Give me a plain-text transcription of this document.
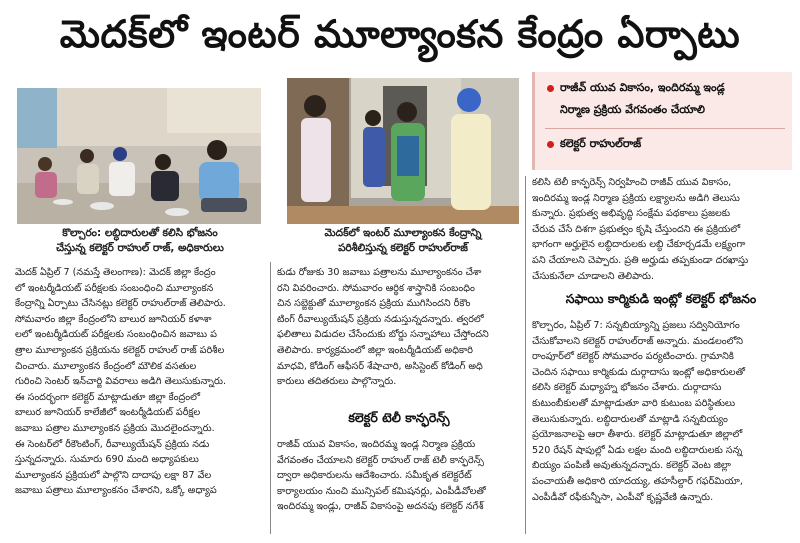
మెదక్‌లో ఇంటర్ మూల్యాంకన కేంద్రం ఏర్పాటు
కొల్చారం: లబ్ధిదారులతో కలిసి భోజనం
చేస్తున్న కలెక్టర్ రాహుల్ రాజ్, అధికారులు
మెదక్‌లో ఇంటర్ మూల్యాంకన కేంద్రాన్ని
పరిశీలిస్తున్న కలెక్టర్ రాహుల్‌రాజ్
రాజీవ్ యువ వికాసం, ఇందిరమ్మ ఇండ్ల
నిర్మాణ ప్రక్రియ వేగవంతం చేయాలి
కలెక్టర్ రాహుల్‌రాజ్

మెదక్ ఏప్రిల్ 7 (నమస్తే తెలంగాణ): మెదక్ జిల్లా కేంద్రం

లో ఇంటర్మీడియట్ పరీక్షలకు సంబంధించి మూల్యాంకన

కేంద్రాన్ని ఏర్పాటు చేసినట్లు కలెక్టర్ రాహుల్‌రాజ్ తెలిపారు.

సోమవారం జిల్లా కేంద్రంలోని బాలుర జూనియర్ కళాశా

లలో ఇంటర్మీడియట్ పరీక్షలకు సంబంధించిన జవాబు ప

త్రాల మూల్యాంకన ప్రక్రియను కలెక్టర్ రాహుల్ రాజ్ పరిశీల

చించారు. మూల్యాంకన కేంద్రంలో మౌలిక వసతుల

గురించి సెంటర్ ఇన్‌చార్జి వివరాలు అడిగి తెలుసుకున్నారు.

ఈ సందర్భంగా కలెక్టర్ మాట్లాడుతూ జిల్లా కేంద్రంలో

బాలుర జూనియర్ కాలేజీలో ఇంటర్మీడియట్ పరీక్షల

జవాబు పత్రాల మూల్యాంకన ప్రక్రియ మొదలైందన్నారు.

ఈ సెంటర్‌లో రీకౌంటింగ్, రీవాల్యుయేషన్ ప్రక్రియ నడు

స్తున్నదన్నారు. సుమారు 690 మంది అధ్యాపకులు

మూల్యాంకన ప్రక్రియలో పాల్గొని దాదాపు లక్షా 87 వేల

జవాబు పత్రాలు మూల్యాంకనం చేశారని, ఒక్కో అధ్యాప

కుడు రోజుకు 30 జవాబు పత్రాలను మూల్యాంకనం చేశా

రని వివరించారు. సోమవారం ఆర్థిక శాస్త్రానికి సంబంధిం

చిన సబ్జెక్టుతో మూల్యాంకన ప్రక్రియ ముగిసిందని రీకౌం

టింగ్ రీవాల్యుయేషన్ ప్రక్రియ నడుస్తున్నదన్నారు. త్వరలో

ఫలితాలు విడుదల చేసేందుకు బోర్డు సన్నాహాలు చేస్తోందని

తెలిపారు. కార్యక్రమంలో జిల్లా ఇంటర్మీడియట్ అధికారి

మాధవి, కోడింగ్ ఆఫీసర్ శేషాచారి, అసిస్టెంట్ కోడింగ్ అధి

కారులు తదితరులు పాల్గొన్నారు.

కలెక్టర్ టెలీ కాన్ఫరెన్స్

రాజీవ్ యువ వికాసం, ఇందిరమ్మ ఇండ్ల నిర్మాణ ప్రక్రియ

వేగవంతం చేయాలని కలెక్టర్ రాహుల్ రాజ్ టెలీ కాన్ఫరెన్స్

ద్వారా అధికారులను ఆదేశించారు. సమీకృత కలెక్టరేట్

కార్యాలయం నుంచి మున్సిపల్ కమిషనర్లు, ఎంపీడీవోలతో

ఇందిరమ్మ ఇండ్లు, రాజీవ్ వికాసంపై అదనపు కలెక్టర్ నగేశ్

కలిసి టెలీ కాన్ఫరెన్స్ నిర్వహించి రాజీవ్ యువ వికాసం,

ఇందిరమ్మ ఇండ్ల నిర్మాణ ప్రక్రియ లక్ష్యాలను అడిగి తెలుసు

కున్నారు. ప్రభుత్వ అభివృద్ధి సంక్షేమ పథకాలు ప్రజలకు

చేరువ చేసే దిశగా ప్రభుత్వం కృషి చేస్తుందని ఈ ప్రక్రియలో

భాగంగా అర్హులైన లబ్ధిదారులకు లబ్ధి చేకూర్చడమే లక్ష్యంగా

పని చేయాలని చెప్పారు. ప్రతి అర్హుడు తప్పకుండా దరఖాస్తు

చేసుకునేలా చూడాలని తెలిపారు.

సఫాయి కార్మికుడి ఇంట్లో కలెక్టర్ భోజనం

కొల్చారం, ఏప్రిల్ 7: సన్నబియ్యాన్ని ప్రజలు సద్వినియోగం

చేసుకోవాలని కలెక్టర్ రాహుల్‌రాజ్ అన్నారు. మండలంలోని

రాంపూర్‌లో కలెక్టర్ సోమవారం పర్యటించారు. గ్రామానికి

చెందిన సఫాయి కార్మికుడు దుర్గాదాసు ఇంట్లో అధికారులతో

కలిసి కలెక్టర్ మధ్యాహ్న భోజనం చేశారు. దుర్గాదాసు

కుటుంబీకులతో మాట్లాడుతూ వారి కుటుంబ పరిస్థితులు

తెలుసుకున్నారు. లబ్ధిదారులతో మాట్లాడి సన్నబియ్యం

ప్రయోజనాలపై ఆరా తీశారు. కలెక్టర్ మాట్లాడుతూ జిల్లాలో

520 రేషన్ షాపుల్లో ఏడు లక్షల మంది లబ్ధిదారులకు సన్న

బియ్యం పంపిణీ అవుతున్నదన్నారు. కలెక్టర్ వెంట జిల్లా

పంచాయతీ అధికారి యాదయ్య, తహసీల్దార్ గఫర్‌మియా,

ఎంపీడీవో రఫీకున్నీసా, ఎంపీవో కృష్ణవేణి ఉన్నారు.
